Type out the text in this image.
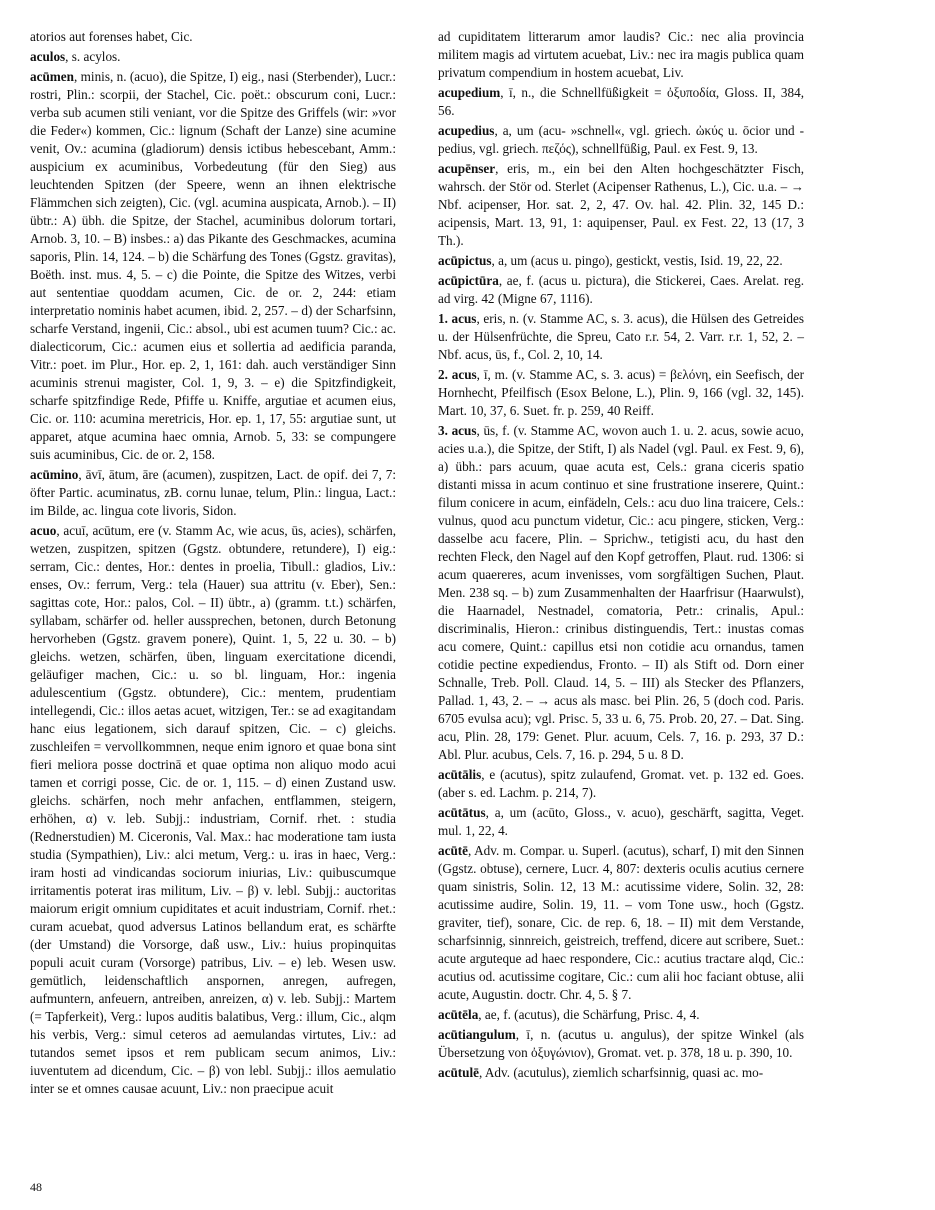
atorios aut forenses habet, Cic.

aculos, s. acylos.

acūmen, minis, n. (acuo), die Spitze, I) eig., nasi (Sterbender), Lucr.: rostri, Plin.: scorpii, der Stachel, Cic. poët.: obscurum coni, Lucr.: verba sub acumen stili veniant, vor die Spitze des Griffels (wir: »vor die Feder«) kommen, Cic.: lignum (Schaft der Lanze) sine acumine venit, Ov.: acumina (gladiorum) densis ictibus hebescebant, Amm.: auspicium ex acuminibus, Vorbedeutung (für den Sieg) aus leuchtenden Spitzen (der Speere, wenn an ihnen elektrische Flämmchen sich zeigten), Cic. (vgl. acumina auspicata, Arnob.). – II) übtr.: A) übh. die Spitze, der Stachel, acuminibus dolorum tortari, Arnob. 3, 10. – B) insbes.: a) das Pikante des Geschmackes, acumina saporis, Plin. 14, 124. – b) die Schärfung des Tones (Ggstz. gravitas), Boëth. inst. mus. 4, 5. – c) die Pointe, die Spitze des Witzes, verbi aut sententiae quoddam acumen, Cic. de or. 2, 244: etiam interpretatio nominis habet acumen, ibid. 2, 257. – d) der Scharfsinn, scharfe Verstand, ingenii, Cic.: absol., ubi est acumen tuum? Cic.: ac. dialecticorum, Cic.: acumen eius et sollertia ad aedificia paranda, Vitr.: poet. im Plur., Hor. ep. 2, 1, 161: dah. auch verständiger Sinn acuminis strenui magister, Col. 1, 9, 3. – e) die Spitzfindigkeit, scharfe spitzfindige Rede, Pfiffe u. Kniffe, argutiae et acumen eius, Cic. or. 110: acumina meretricis, Hor. ep. 1, 17, 55: argutiae sunt, ut apparet, atque acumina haec omnia, Arnob. 5, 33: se compungere suis acuminibus, Cic. de or. 2, 158.

acūmino, āvī, ātum, āre (acumen), zuspitzen, Lact. de opif. dei 7, 7: öfter Partic. acuminatus, zB. cornu lunae, telum, Plin.: lingua, Lact.: im Bilde, ac. lingua cote livoris, Sidon.

acuo, acuī, acūtum, ere (v. Stamm Ac, wie acus, ūs, acies), schärfen, wetzen, zuspitzen, spitzen (Ggstz. obtundere, retundere), I) eig.: serram, Cic.: dentes, Hor.: dentes in proelia, Tibull.: gladios, Liv.: enses, Ov.: ferrum, Verg.: tela (Hauer) sua attritu (v. Eber), Sen.: sagittas cote, Hor.: palos, Col. – II) übtr., a) (gramm. t.t.) schärfen, syllabam, schärfer od. heller aussprechen, betonen, durch Betonung hervorheben (Ggstz. gravem ponere), Quint. 1, 5, 22 u. 30. – b) gleichs. wetzen, schärfen, üben, linguam exercitatione dicendi, geläufiger machen, Cic.: u. so bl. linguam, Hor.: ingenia adulescentium (Ggstz. obtundere), Cic.: mentem, prudentiam intellegendi, Cic.: illos aetas acuet, witzigen, Ter.: se ad exagitandam hanc eius legationem, sich darauf spitzen, Cic. – c) gleichs. zuschleifen = vervollkommnen, neque enim ignoro et quae bona sint fieri meliora posse doctrinā et quae optima non aliquo modo acui tamen et corrigi posse, Cic. de or. 1, 115. – d) einen Zustand usw. gleichs. schärfen, noch mehr anfachen, entflammen, steigern, erhöhen, α) v. leb. Subjj.: industriam, Cornif. rhet. : studia (Rednerstudien) M. Ciceronis, Val. Max.: hac moderatione tam iusta studia (Sympathien), Liv.: alci metum, Verg.: u. iras in haec, Verg.: iram hosti ad vindicandas sociorum iniurias, Liv.: quibuscumque irritamentis poterat iras militum, Liv. – β) v. lebl. Subjj.: auctoritas maiorum erigit omnium cupiditates et acuit industriam, Cornif. rhet.: curam acuebat, quod adversus Latinos bellandum erat, es schärfte (der Umstand) die Vorsorge, daß usw., Liv.: huius propinquitas populi acuit curam (Vorsorge) patribus, Liv. – e) leb. Wesen usw. gemütlich, leidenschaftlich anspornen, anregen, aufregen, aufmuntern, anfeuern, antreiben, anreizen, α) v. leb. Subjj.: Martem (= Tapferkeit), Verg.: lupos auditis balatibus, Verg.: illum, Cic., alqm his verbis, Verg.: simul ceteros ad aemulandas virtutes, Liv.: ad tutandos semet ipsos et rem publicam secum animos, Liv.: iuventutem ad dicendum, Cic. – β) von lebl. Subjj.: illos aemulatio inter se et omnes causae acuunt, Liv.: non praecipue acuit

ad cupiditatem litterarum amor laudis? Cic.: nec alia provincia militem magis ad virtutem acuebat, Liv.: nec ira magis publica quam privatum compendium in hostem acuebat, Liv.

acupedium, ī, n., die Schnellfüßigkeit = ὀξυποδία, Gloss. II, 384, 56.

acupedius, a, um (acu- »schnell«, vgl. griech. ὠκύς u. ōcior und -pedius, vgl. griech. πεζός), schnellfüßig, Paul. ex Fest. 9, 13.

acupēnser, eris, m., ein bei den Alten hochgeschätzter Fisch, wahrsch. der Stör od. Sterlet (Acipenser Rathenus, L.), Cic. u.a. – → Nbf. acipenser, Hor. sat. 2, 2, 47. Ov. hal. 42. Plin. 32, 145 D.: acipensis, Mart. 13, 91, 1: aquipenser, Paul. ex Fest. 22, 13 (17, 3 Th.).

acūpictus, a, um (acus u. pingo), gestickt, vestis, Isid. 19, 22, 22.

acūpictūra, ae, f. (acus u. pictura), die Stickerei, Caes. Arelat. reg. ad virg. 42 (Migne 67, 1116).

1. acus, eris, n. (v. Stamme AC, s. 3. acus), die Hülsen des Getreides u. der Hülsenfrüchte, die Spreu, Cato r.r. 54, 2. Varr. r.r. 1, 52, 2. – Nbf. acus, ūs, f., Col. 2, 10, 14.

2. acus, ī, m. (v. Stamme AC, s. 3. acus) = βελόνη, ein Seefisch, der Hornhecht, Pfeilfisch (Esox Belone, L.), Plin. 9, 166 (vgl. 32, 145). Mart. 10, 37, 6. Suet. fr. p. 259, 40 Reiff.

3. acus, ūs, f. (v. Stamme AC, wovon auch 1. u. 2. acus, sowie acuo, acies u.a.), die Spitze, der Stift, I) als Nadel (vgl. Paul. ex Fest. 9, 6), a) übh.: pars acuum, quae acuta est, Cels.: grana ciceris spatio distanti missa in acum continuo et sine frustratione inserere, Quint.: filum conicere in acum, einfädeln, Cels.: acu duo lina traicere, Cels.: vulnus, quod acu punctum videtur, Cic.: acu pingere, sticken, Verg.: dasselbe acu facere, Plin. – Sprichw., tetigisti acu, du hast den rechten Fleck, den Nagel auf den Kopf getroffen, Plaut. rud. 1306: si acum quaereres, acum invenisses, vom sorgfältigen Suchen, Plaut. Men. 238 sq. – b) zum Zusammenhalten der Haarfrisur (Haarwulst), die Haarnadel, Nestnadel, comatoria, Petr.: crinalis, Apul.: discriminalis, Hieron.: crinibus distinguendis, Tert.: inustas comas acu comere, Quint.: capillus etsi non cotidie acu ornandus, tamen cotidie pectine expediendus, Fronto. – II) als Stift od. Dorn einer Schnalle, Treb. Poll. Claud. 14, 5. – III) als Stecker des Pflanzers, Pallad. 1, 43, 2. – → acus als masc. bei Plin. 26, 5 (doch cod. Paris. 6705 evulsa acu); vgl. Prisc. 5, 33 u. 6, 75. Prob. 20, 27. – Dat. Sing. acu, Plin. 28, 179: Genet. Plur. acuum, Cels. 7, 16. p. 293, 37 D.: Abl. Plur. acubus, Cels. 7, 16. p. 294, 5 u. 8 D.

acūtālis, e (acutus), spitz zulaufend, Gromat. vet. p. 132 ed. Goes. (aber s. ed. Lachm. p. 214, 7).

acūtātus, a, um (acūto, Gloss., v. acuo), geschärft, sagitta, Veget. mul. 1, 22, 4.

acūtē, Adv. m. Compar. u. Superl. (acutus), scharf, I) mit den Sinnen (Ggstz. obtuse), cernere, Lucr. 4, 807: dexteris oculis acutius cernere quam sinistris, Solin. 12, 13 M.: acutissime videre, Solin. 32, 28: acutissime audire, Solin. 19, 11. – vom Tone usw., hoch (Ggstz. graviter, tief), sonare, Cic. de rep. 6, 18. – II) mit dem Verstande, scharfsinnig, sinnreich, geistreich, treffend, dicere aut scribere, Suet.: acute arguteque ad haec respondere, Cic.: acutius tractare alqd, Cic.: acutius od. acutissime cogitare, Cic.: cum alii hoc faciant obtuse, alii acute, Augustin. doctr. Chr. 4, 5. § 7.

acūtēla, ae, f. (acutus), die Schärfung, Prisc. 4, 4.

acūtiangulum, ī, n. (acutus u. angulus), der spitze Winkel (als Übersetzung von ὀξυγώνιον), Gromat. vet. p. 378, 18 u. p. 390, 10.

acūtulē, Adv. (acutulus), ziemlich scharfsinnig, quasi ac. mo-

48
